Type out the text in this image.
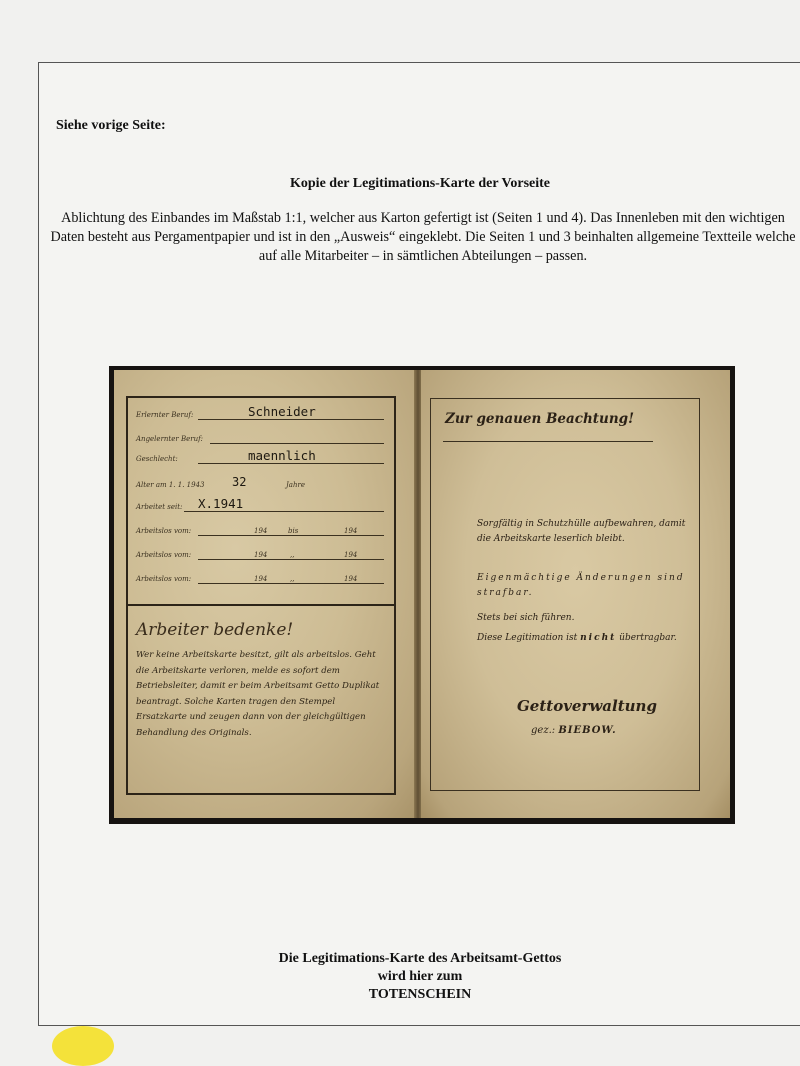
Siehe vorige Seite:
Kopie der Legitimations-Karte der Vorseite
Ablichtung des Einbandes im Maßstab 1:1, welcher aus Karton gefertigt ist (Seiten 1 und 4). Das Innenleben mit den wichtigen Daten besteht aus Pergamentpapier und ist in den „Ausweis“ eingeklebt. Die Seiten 1 und 3 beinhalten allgemeine Textteile welche auf alle Mitarbeiter – in sämtlichen Abteilungen – passen.
Erlernter Beruf:	Schneider
Angelernter Beruf:
Geschlecht:	maennlich
Alter am 1. 1. 1943 32	Jahre
Arbeitet seit: X.1941
Arbeitslos vom:	194	bis	194
Arbeitslos vom:	194	,,	194
Arbeitslos vom:	194	,,	194
Arbeiter bedenke!
Wer keine Arbeitskarte besitzt, gilt als arbeitslos. Geht die Arbeitskarte verloren, melde es sofort dem Betriebsleiter, damit er beim Arbeitsamt Getto Duplikat beantragt. Solche Karten tragen den Stempel Ersatzkarte und zeugen dann von der gleichgültigen Behandlung des Originals.
Zur genauen Beachtung!
Sorgfältig in Schutzhülle aufbewahren, damit die Arbeitskarte leserlich bleibt.
Eigenmächtige Änderungen sind strafbar.
Stets bei sich führen.
Diese Legitimation ist nicht übertragbar.
Gettoverwaltung
gez.: BIEBOW.
Die Legitimations-Karte des Arbeitsamt-Gettos
wird hier zum
TOTENSCHEIN
